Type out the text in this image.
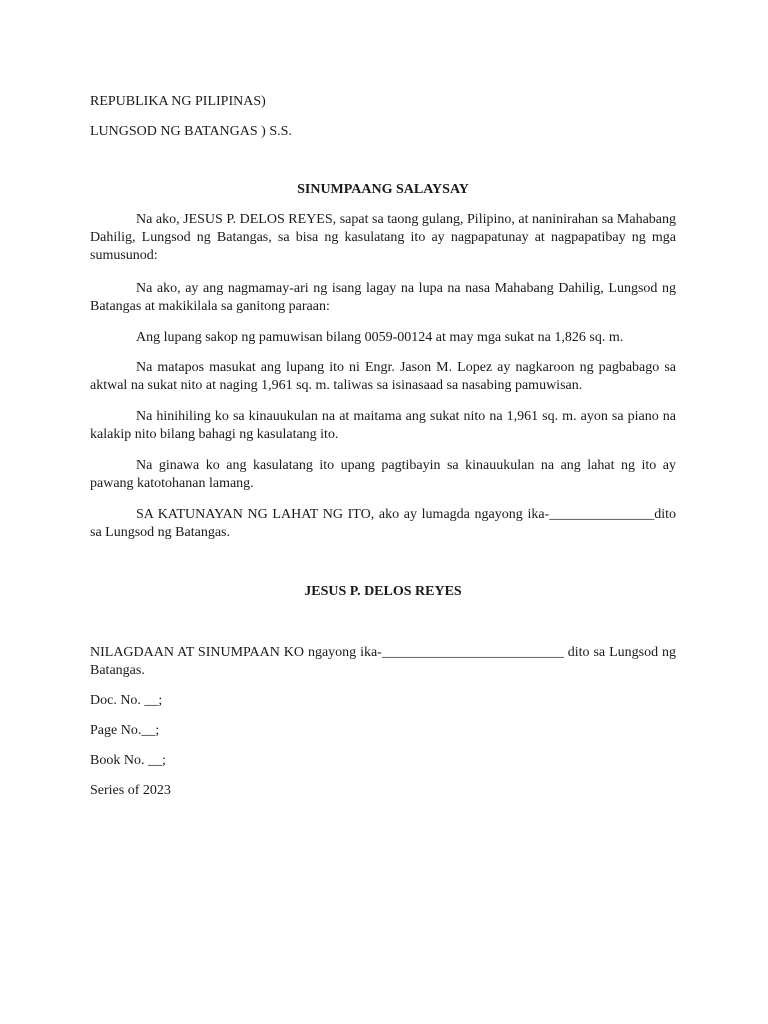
REPUBLIKA NG PILIPINAS)
LUNGSOD NG BATANGAS ) S.S.
SINUMPAANG SALAYSAY
Na ako, JESUS P. DELOS REYES, sapat sa taong gulang, Pilipino, at naninirahan sa Mahabang Dahilig, Lungsod ng Batangas, sa bisa ng kasulatang ito ay nagpapatunay at nagpapatibay ng mga sumusunod:
Na ako, ay ang nagmamay-ari ng isang lagay na lupa na nasa Mahabang Dahilig, Lungsod ng Batangas at makikilala sa ganitong paraan:
Ang lupang sakop ng pamuwisan bilang 0059-00124 at may mga sukat na 1,826 sq. m.
Na matapos masukat ang lupang ito ni Engr. Jason M. Lopez ay nagkaroon ng pagbabago sa aktwal na sukat nito at naging 1,961 sq. m. taliwas sa isinasaad sa nasabing pamuwisan.
Na hinihiling ko sa kinauukulan na at maitama ang sukat nito na 1,961 sq. m. ayon sa piano na kalakip nito bilang bahagi ng kasulatang ito.
Na ginawa ko ang kasulatang ito upang pagtibayin sa kinauukulan na ang lahat ng ito ay pawang katotohanan lamang.
SA KATUNAYAN NG LAHAT NG ITO, ako ay lumagda ngayong ika-_______________dito sa Lungsod ng Batangas.
JESUS P. DELOS REYES
NILAGDAAN AT SINUMPAAN KO ngayong ika-__________________________ dito sa Lungsod ng Batangas.
Doc. No. __;
Page No.__;
Book No. __;
Series of 2023
